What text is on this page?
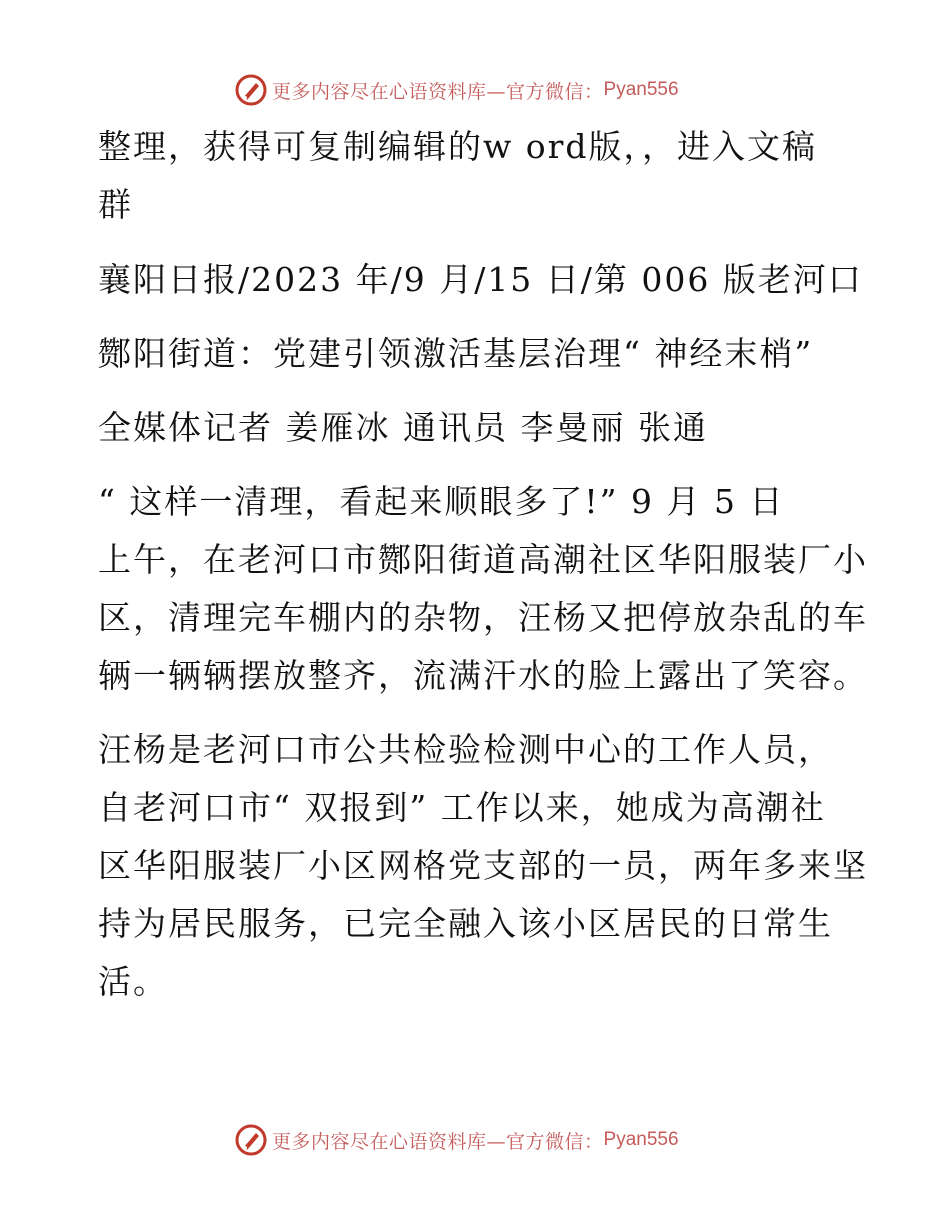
更多内容尽在心语资料库—官方微信： Pyan556
整理，获得可复制编辑的w ord版，，进入文稿
群
襄阳日报/2023 年/9 月/15 日/第 006 版老河口
酂阳街道：党建引领激活基层治理“ 神经末梢”
全媒体记者 姜雁冰 通讯员 李曼丽 张通
“ 这样一清理，看起来顺眼多了!” 9 月 5 日
上午，在老河口市酂阳街道高潮社区华阳服装厂小
区，清理完车棚内的杂物，汪杨又把停放杂乱的车
辆一辆辆摆放整齐，流满汗水的脸上露出了笑容。
汪杨是老河口市公共检验检测中心的工作人员，
自老河口市“ 双报到” 工作以来，她成为高潮社
区华阳服装厂小区网格党支部的一员，两年多来坚
持为居民服务，已完全融入该小区居民的日常生
活。
更多内容尽在心语资料库—官方微信： Pyan556
